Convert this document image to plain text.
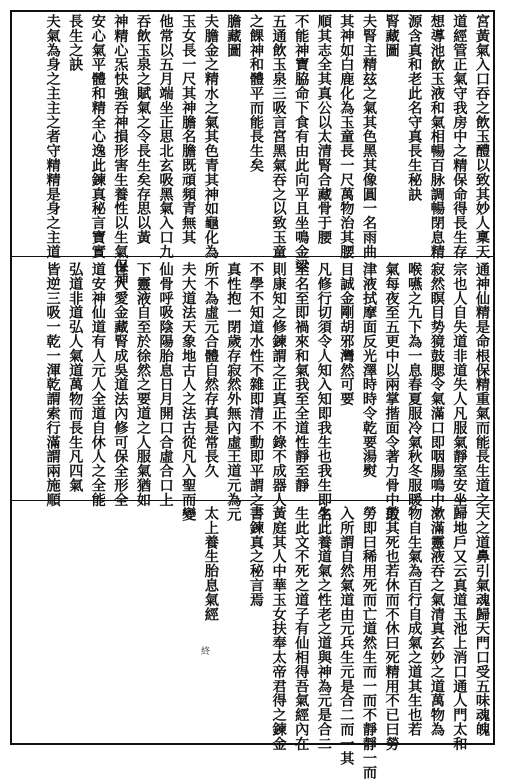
宮黃氣入口吞之飲玉醴以致其妙人稟天
道經管正氣守我房中之精保命得長生存
想導池飲玉液和氣相暢百脉調暢閉息精
源含真和老此名守真長生秘訣
腎藏圖
夫腎主精玆之氣其色黑其像圓一名雨曲
其神如白鹿化為玉童長一尺萬物治其腰
順其志全其真公以太清腎合藏骨于腰
不能神寶脇命下食有由此向平且坐鳴金梁
五通飲玉泉三吸言宮黑氣吞之以致玉童
之餜神和體平而能長生矣
膽藏圖
夫膽金之精水之氣其色青其神如龜化為
玉女長一尺其神膽名膽既頑頻青無其
他常以五月端坐正思北玄吸黑氣入口九
吞飲玉泉之賦氣之令長生矣存思以黃
神精心炁快強吞神損形害生養性以生氣保神
安心氣平體和精全心逸此鍊真秘言寶實
長生之訣
夫氣為身之主主之者守精精是身之主道
通神仙精是命根保精重氣而能長生道之
宗也人自失道非道失人凡服氣靜室安坐
寂然瞑目势獍鼓腮令氣滿口即咽腸鳴中
喉嚥之九下為一息春夏服冷氣秋冬服暖
氣每夜至五更中以兩掌揩面令著力骨中取
津液拭摩面反光澤時時令乾要湯熨
目誠金剛胡邪灣然可要
凡修行切須令人知入知即我生也我生即名
至名至即禍來和氣我至全道性靜至靜
則康知之修鍊謂之正真正不錄不成器人
不學不知道水性不雜即清不動即平謂之
真性抱一閉歲存寂然外無內虛王道元為元
所不為虛元合體自然存真是常長久
夫大道法天象地古人之法古從凡入聖而變
仙骨呼吸陰陽胎息日月開口合虛合口上
下靈液自至於徐然之要道之人服氣猶如
世人愛金藏腎成吳道法內修可保全形全
道安神仙道有人元人全道自休人之全能
弘道非道弘人氣道萬物而長生凡四氣
皆逆三吸一乾一渾乾謂索行滿謂兩施順
天之道鼻引氣魂歸天門口受五味魂魄
歸地戶又云真道玉池上消口通人門太和
漱滿靈液吞之氣清真玄妙之道萬物為
物自生氣為百行自成氣之道其生也若
勞其死也若休而不休曰死精用不已曰勞
勞即曰稀用死而亡道然生而一而不靜靜一而
入所謂自然氣道由元兵生元是合二而一其
生此養道氣之性老之道與神為元是合二
生此文不死之道子有仙相得吾氣經內在
黃庭其人中華玉女扶奉太帝君得之鍊金
書鍊真之秘言焉
太上養生胎息氣經
終
